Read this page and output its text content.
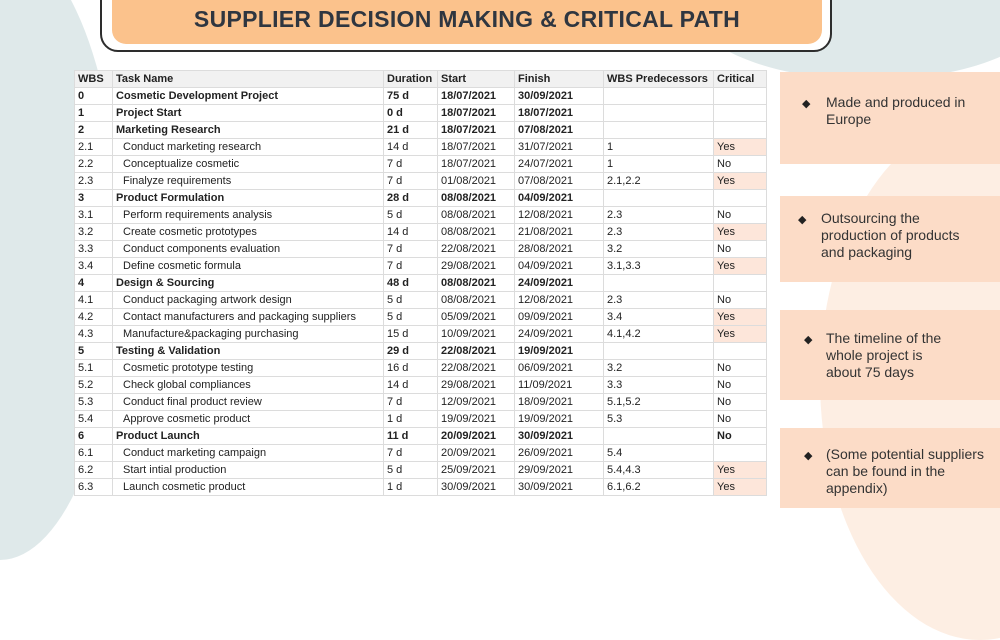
SUPPLIER DECISION MAKING & CRITICAL PATH
WBS	Task Name	Duration	Start	Finish	WBS Predecessors	Critical
0	Cosmetic Development Project	75 d	18/07/2021	30/09/2021		
1	Project Start	0 d	18/07/2021	18/07/2021		
2	Marketing Research	21 d	18/07/2021	07/08/2021		
2.1	Conduct marketing research	14 d	18/07/2021	31/07/2021	1	Yes
2.2	Conceptualize cosmetic	7 d	18/07/2021	24/07/2021	1	No
2.3	Finalyze requirements	7 d	01/08/2021	07/08/2021	2.1,2.2	Yes
3	Product Formulation	28 d	08/08/2021	04/09/2021		
3.1	Perform requirements analysis	5 d	08/08/2021	12/08/2021	2.3	No
3.2	Create cosmetic prototypes	14 d	08/08/2021	21/08/2021	2.3	Yes
3.3	Conduct components evaluation	7 d	22/08/2021	28/08/2021	3.2	No
3.4	Define cosmetic formula	7 d	29/08/2021	04/09/2021	3.1,3.3	Yes
4	Design & Sourcing	48 d	08/08/2021	24/09/2021		
4.1	Conduct packaging artwork design	5 d	08/08/2021	12/08/2021	2.3	No
4.2	Contact manufacturers and packaging suppliers	5 d	05/09/2021	09/09/2021	3.4	Yes
4.3	Manufacture&packaging purchasing	15 d	10/09/2021	24/09/2021	4.1,4.2	Yes
5	Testing & Validation	29 d	22/08/2021	19/09/2021		
5.1	Cosmetic prototype testing	16 d	22/08/2021	06/09/2021	3.2	No
5.2	Check global compliances	14 d	29/08/2021	11/09/2021	3.3	No
5.3	Conduct final product review	7 d	12/09/2021	18/09/2021	5.1,5.2	No
5.4	Approve cosmetic product	1 d	19/09/2021	19/09/2021	5.3	No
6	Product Launch	11 d	20/09/2021	30/09/2021		No
6.1	Conduct marketing campaign	7 d	20/09/2021	26/09/2021	5.4	
6.2	Start intial production	5 d	25/09/2021	29/09/2021	5.4,4.3	Yes
6.3	Launch cosmetic product	1 d	30/09/2021	30/09/2021	6.1,6.2	Yes
◆ Made and produced in Europe
◆ Outsourcing the production of products and packaging
◆ The timeline of the whole project is about 75 days
◆ (Some potential suppliers can be found in the appendix)
